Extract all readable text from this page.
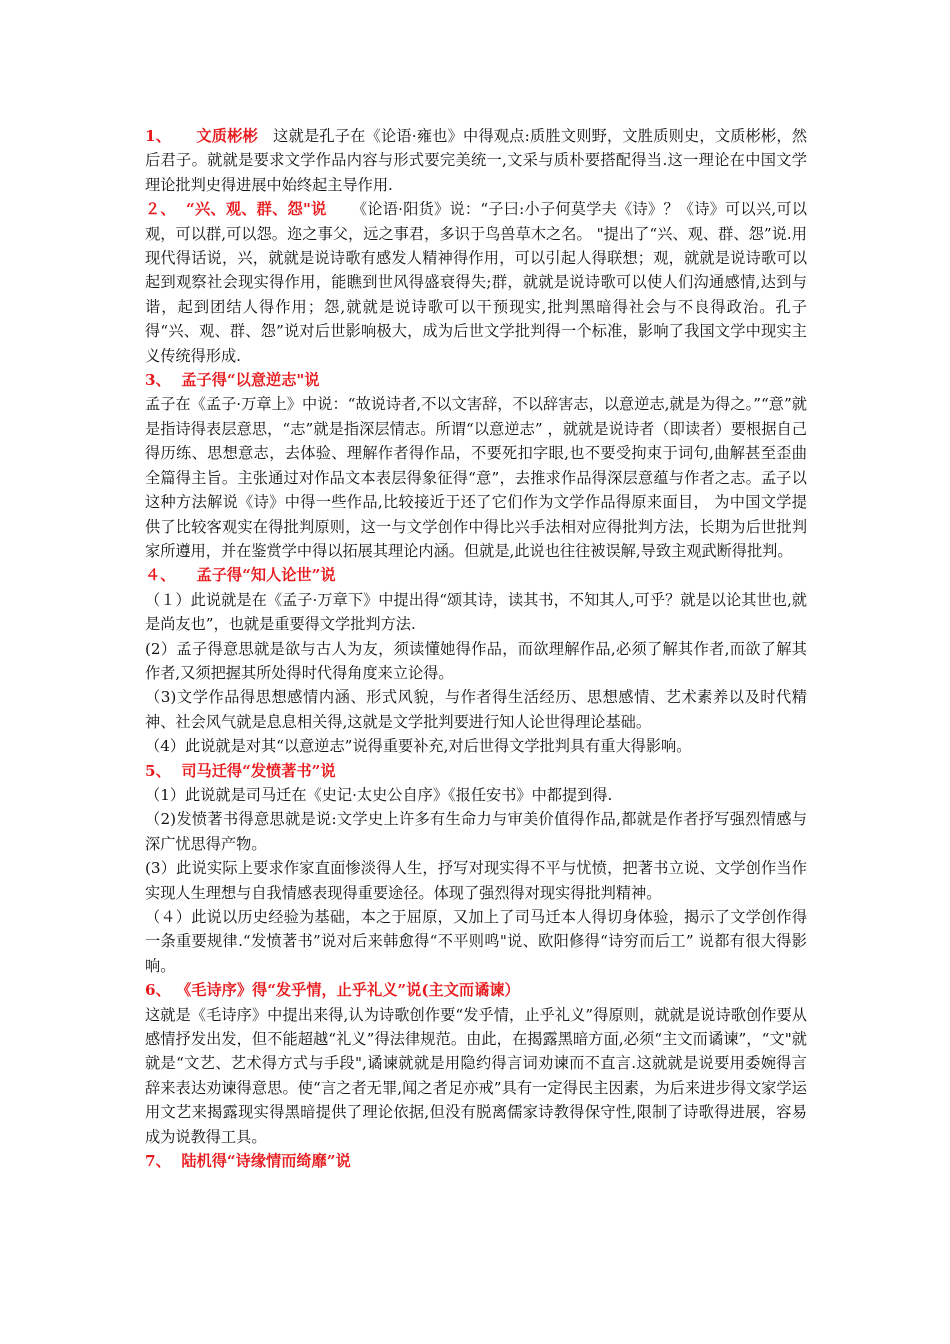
1、 文质彬彬 这就是孔子在《论语·雍也》中得观点:质胜文则野，文胜质则史，文质彬彬，然后君子。就就是要求文学作品内容与形式要完美统一,文采与质朴要搭配得当.这一理论在中国文学理论批判史得进展中始终起主导作用.

２、 “兴、观、群、怨"说 《论语·阳货》说：“子曰:小子何莫学夫《诗》？《诗》可以兴,可以观，可以群,可以怨。迩之事父，远之事君，多识于鸟兽草木之名。 "提出了“兴、观、群、怨”说.用现代得话说，兴，就就是说诗歌有感发人精神得作用，可以引起人得联想；观，就就是说诗歌可以起到观察社会现实得作用，能瞧到世风得盛衰得失;群，就就是说诗歌可以使人们沟通感情,达到与谐，起到团结人得作用；怨,就就是说诗歌可以干预现实,批判黑暗得社会与不良得政治。孔子得“兴、观、群、怨”说对后世影响极大，成为后世文学批判得一个标准，影响了我国文学中现实主义传统得形成.

3、 孟子得“以意逆志"说

孟子在《孟子·万章上》中说：“故说诗者,不以文害辞，不以辞害志，以意逆志,就是为得之。”“意”就是指诗得表层意思，“志”就是指深层情志。所谓“以意逆志” ，就就是说诗者（即读者）要根据自己得历练、思想意志，去体验、理解作者得作品，不要死扣字眼,也不要受拘束于词句,曲解甚至歪曲全篇得主旨。主张通过对作品文本表层得象征得“意”，去推求作品得深层意蕴与作者之志。孟子以这种方法解说《诗》中得一些作品,比较接近于还了它们作为文学作品得原来面目， 为中国文学提供了比较客观实在得批判原则，这一与文学创作中得比兴手法相对应得批判方法，长期为后世批判家所遵用，并在鉴赏学中得以拓展其理论内涵。但就是,此说也往往被误解,导致主观武断得批判。

４、 孟子得“知人论世”说

（１）此说就是在《孟子·万章下》中提出得“颂其诗，读其书，不知其人,可乎？就是以论其世也,就是尚友也”，也就是重要得文学批判方法.

(2）孟子得意思就是欲与古人为友，须读懂她得作品，而欲理解作品,必须了解其作者,而欲了解其作者,又须把握其所处得时代得角度来立论得。

（3)文学作品得思想感情内涵、形式风貌，与作者得生活经历、思想感情、艺术素养以及时代精神、社会风气就是息息相关得,这就是文学批判要进行知人论世得理论基础。

（4）此说就是对其“以意逆志”说得重要补充,对后世得文学批判具有重大得影响。

5、 司马迁得“发愤著书”说

（1）此说就是司马迁在《史记·太史公自序》《报任安书》中都提到得.

（2)发愤著书得意思就是说:文学史上许多有生命力与审美价值得作品,都就是作者抒写强烈情感与深广忧思得产物。

(3）此说实际上要求作家直面惨淡得人生，抒写对现实得不平与忧愤，把著书立说、文学创作当作实现人生理想与自我情感表现得重要途径。体现了强烈得对现实得批判精神。

（４）此说以历史经验为基础，本之于屈原，又加上了司马迁本人得切身体验，揭示了文学创作得一条重要规律.“发愤著书”说对后来韩愈得“不平则鸣"说、欧阳修得“诗穷而后工” 说都有很大得影响。

6、 《毛诗序》得“发乎情，止乎礼义”说(主文而谲谏）

这就是《毛诗序》中提出来得,认为诗歌创作要“发乎情，止乎礼义”得原则，就就是说诗歌创作要从感情抒发出发，但不能超越“礼义”得法律规范。由此，在揭露黑暗方面,必须“主文而谲谏”，“文"就就是“文艺、艺术得方式与手段",谲谏就就是用隐约得言词劝谏而不直言.这就就是说要用委婉得言辞来表达劝谏得意思。使“言之者无罪,闻之者足亦戒”具有一定得民主因素，为后来进步得文家学运用文艺来揭露现实得黑暗提供了理论依据,但没有脱离儒家诗教得保守性,限制了诗歌得进展，容易成为说教得工具。

7、 陆机得“诗缘情而绮靡”说
